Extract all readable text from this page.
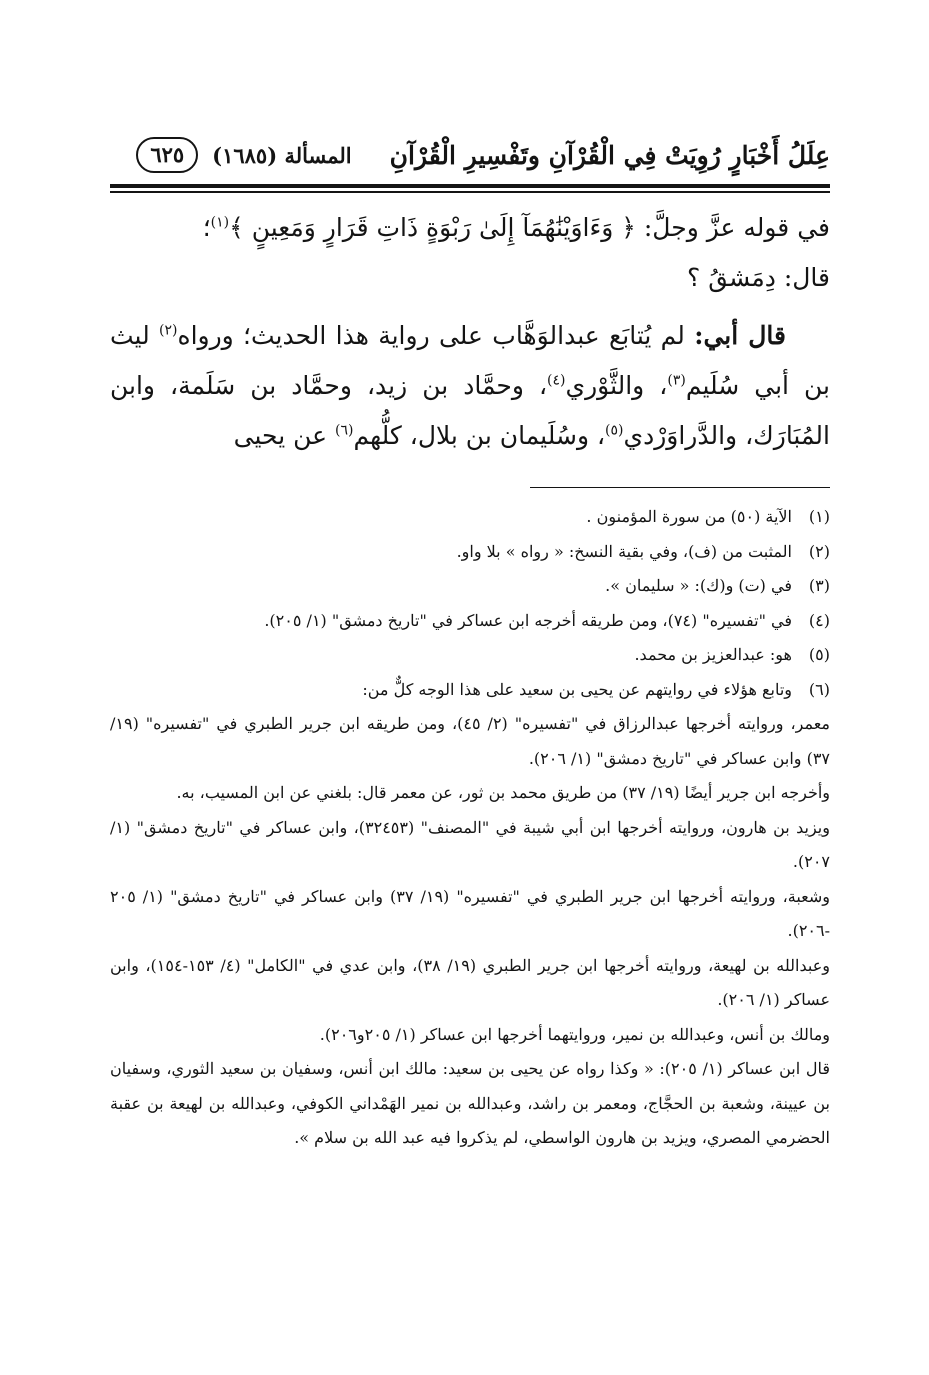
عِلَلُ أَخْبَارٍ رُوِيَتْ فِي الْقُرْآنِ وتَفْسِيرِ الْقُرْآنِ
المسألة (١٦٨٥)
٦٢٥

في قوله عزَّ وجلَّ: ﴿ وَءَاوَيْنَٰهُمَآ إِلَىٰ رَبْوَةٍ ذَاتِ قَرَارٍ وَمَعِينٍ ﴾$^{(١)}$؛

قال: دِمَشقُ ؟

قال أبي: لم يُتابَع عبدالوَهَّاب على رواية هذا الحديث؛ ورواه$^{(٢)}$ ليث بن أبي سُلَيم$^{(٣)}$، والثَّوْري$^{(٤)}$، وحمَّاد بن زيد، وحمَّاد بن سَلَمة، وابن المُبَارَك، والدَّراوَرْدي$^{(٥)}$، وسُلَيمان بن بلال، كلُّهم$^{(٦)}$ عن يحيى

(١)
الآية (٥٠) من سورة المؤمنون .
(٢)
المثبت من (ف)، وفي بقية النسخ: « رواه » بلا واو.
(٣)
في (ت) و(ك): « سليمان ».
(٤)
في "تفسيره" (٧٤)، ومن طريقه أخرجه ابن عساكر في "تاريخ دمشق" (١/ ٢٠٥).
(٥)
هو: عبدالعزيز بن محمد.
(٦)
وتابع هؤلاء في روايتهم عن يحيى بن سعيد على هذا الوجه كلٌّ من:
معمر، وروايته أخرجها عبدالرزاق في "تفسيره" (٢/ ٤٥)، ومن طريقه ابن جرير الطبري في "تفسيره" (١٩/ ٣٧) وابن عساكر في "تاريخ دمشق" (١/ ٢٠٦).
وأخرجه ابن جرير أيضًا (١٩/ ٣٧) من طريق محمد بن ثور، عن معمر قال: بلغني عن ابن المسيب، به.
ويزيد بن هارون، وروايته أخرجها ابن أبي شيبة في "المصنف" (٣٢٤٥٣)، وابن عساكر في "تاريخ دمشق" (١/ ٢٠٧).
وشعبة، وروايته أخرجها ابن جرير الطبري في "تفسيره" (١٩/ ٣٧) وابن عساكر في "تاريخ دمشق" (١/ ٢٠٥ -٢٠٦).
وعبدالله بن لهيعة، وروايته أخرجها ابن جرير الطبري (١٩/ ٣٨)، وابن عدي في "الكامل" (٤/ ١٥٣-١٥٤)، وابن عساكر (١/ ٢٠٦).
ومالك بن أنس، وعبدالله بن نمير، وروايتهما أخرجها ابن عساكر (١/ ٢٠٥و٢٠٦).
قال ابن عساكر (١/ ٢٠٥): « وكذا رواه عن يحيى بن سعيد: مالك ابن أنس، وسفيان بن سعيد الثوري، وسفيان بن عيينة، وشعبة بن الحجَّاج، ومعمر بن راشد، وعبدالله بن نمير الهَمْداني الكوفي، وعبدالله بن لهيعة بن عقبة الحضرمي المصري، ويزيد بن هارون الواسطي، لم يذكروا فيه عبد الله بن سلام ».
